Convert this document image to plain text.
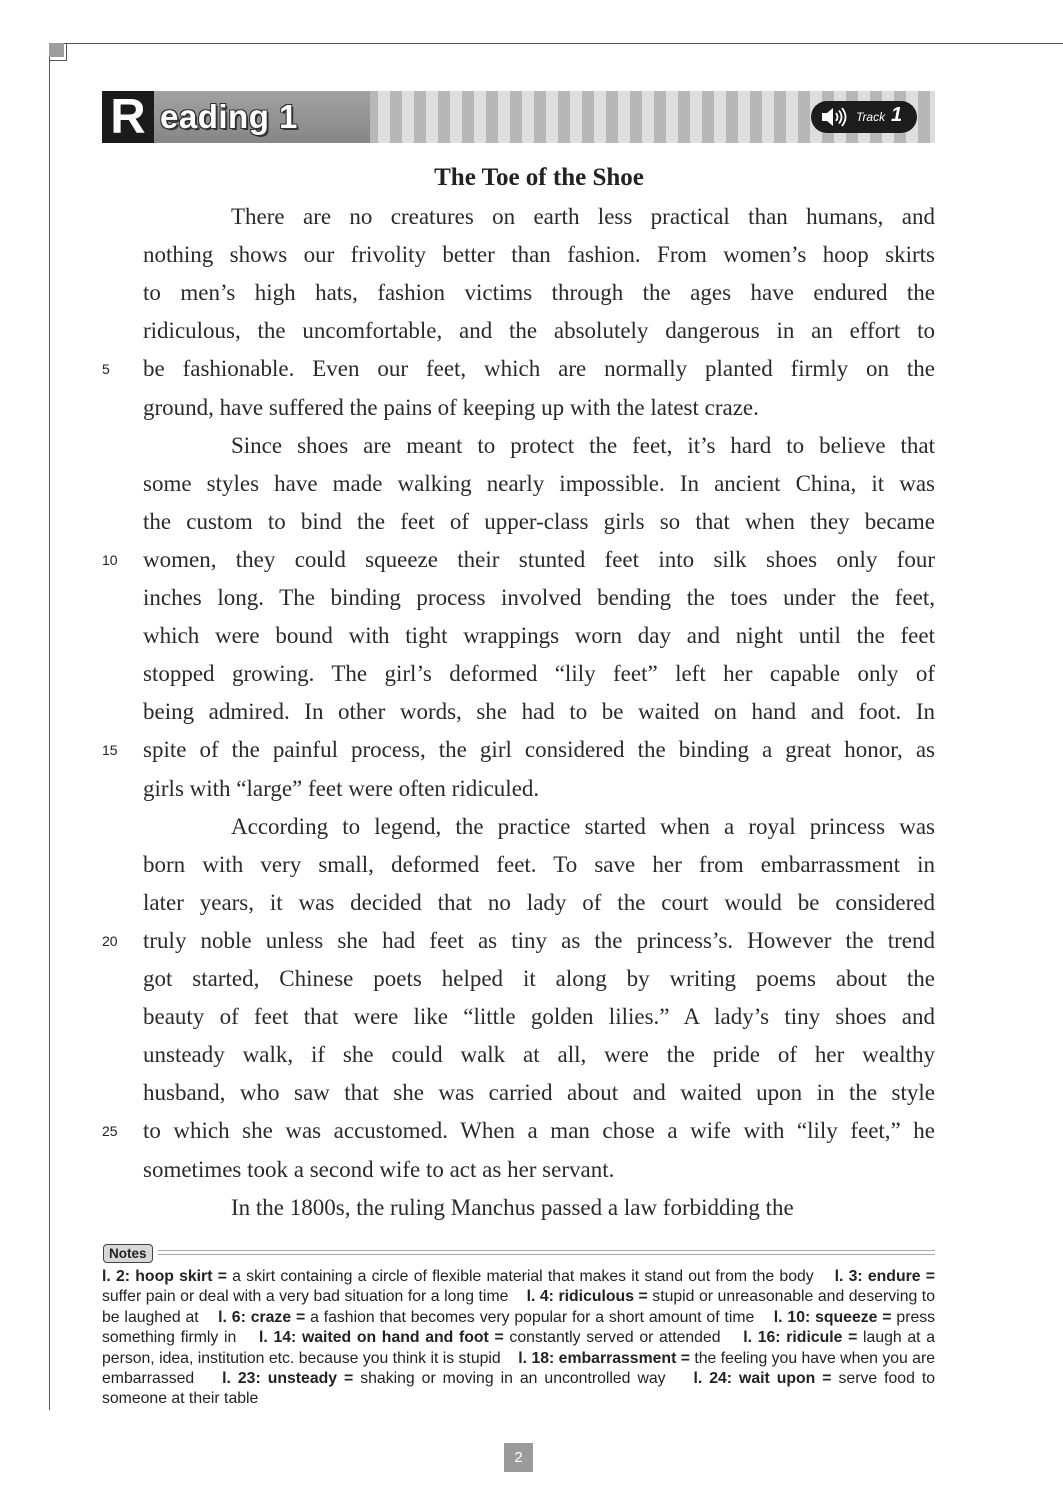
R eading 1	Track 1
The Toe of the Shoe
There are no creatures on earth less practical than humans, and
nothing shows our frivolity better than fashion. From women’s hoop skirts
to men’s high hats, fashion victims through the ages have endured the
ridiculous, the uncomfortable, and the absolutely dangerous in an effort to
be fashionable. Even our feet, which are normally planted firmly on the
5
ground, have suffered the pains of keeping up with the latest craze.
Since shoes are meant to protect the feet, it’s hard to believe that
some styles have made walking nearly impossible. In ancient China, it was
the custom to bind the feet of upper-class girls so that when they became
women, they could squeeze their stunted feet into silk shoes only four
10
inches long. The binding process involved bending the toes under the feet,
which were bound with tight wrappings worn day and night until the feet
stopped growing. The girl’s deformed “lily feet” left her capable only of
being admired. In other words, she had to be waited on hand and foot. In
spite of the painful process, the girl considered the binding a great honor, as
15
girls with “large” feet were often ridiculed.
According to legend, the practice started when a royal princess was
born with very small, deformed feet. To save her from embarrassment in
later years, it was decided that no lady of the court would be considered
truly noble unless she had feet as tiny as the princess’s. However the trend
20
got started, Chinese poets helped it along by writing poems about the
beauty of feet that were like “little golden lilies.” A lady’s tiny shoes and
unsteady walk, if she could walk at all, were the pride of her wealthy
husband, who saw that she was carried about and waited upon in the style
to which she was accustomed. When a man chose a wife with “lily feet,” he
25
sometimes took a second wife to act as her servant.
In the 1800s, the ruling Manchus passed a law forbidding the
Notes
l. 2: hoop skirt = a skirt containing a circle of flexible material that makes it stand out from the body l. 3: endure = suffer pain or deal with a very bad situation for a long time l. 4: ridiculous = stupid or unreasonable and deserving to be laughed at l. 6: craze = a fashion that becomes very popular for a short amount of time l. 10: squeeze = press something firmly in l. 14: waited on hand and foot = constantly served or attended l. 16: ridicule = laugh at a person, idea, institution etc. because you think it is stupid l. 18: embarrassment = the feeling you have when you are embarrassed l. 23: unsteady = shaking or moving in an uncontrolled way l. 24: wait upon = serve food to someone at their table
2
